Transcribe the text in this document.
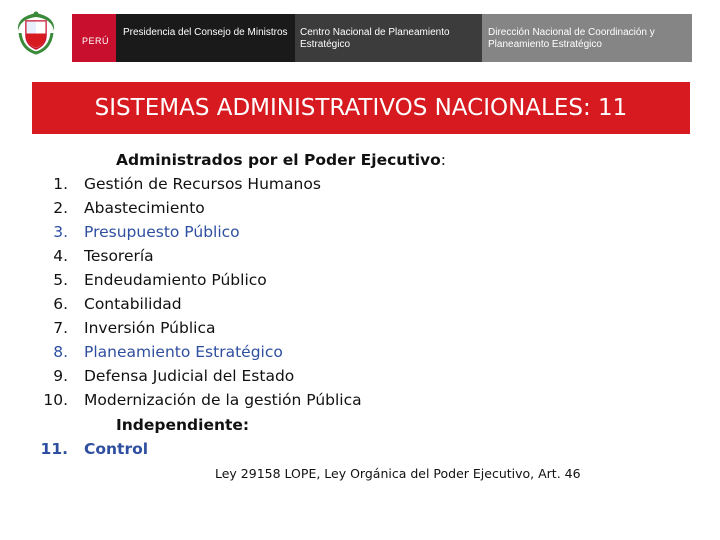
PERÚ
Presidencia del Consejo de Ministros	Centro Nacional de Planeamiento Estratégico
Dirección Nacional de Coordinación y Planeamiento Estratégico
SISTEMAS ADMINISTRATIVOS NACIONALES: 11
Administrados por el Poder Ejecutivo:
1. Gestión de Recursos Humanos
2. Abastecimiento
3. Presupuesto Público
4. Tesorería
5. Endeudamiento Público
6. Contabilidad
7. Inversión Pública
8. Planeamiento Estratégico
9. Defensa Judicial del Estado
10. Modernización de la gestión Pública
Independiente:
11. Control
Ley 29158 LOPE, Ley Orgánica del Poder Ejecutivo, Art. 46
